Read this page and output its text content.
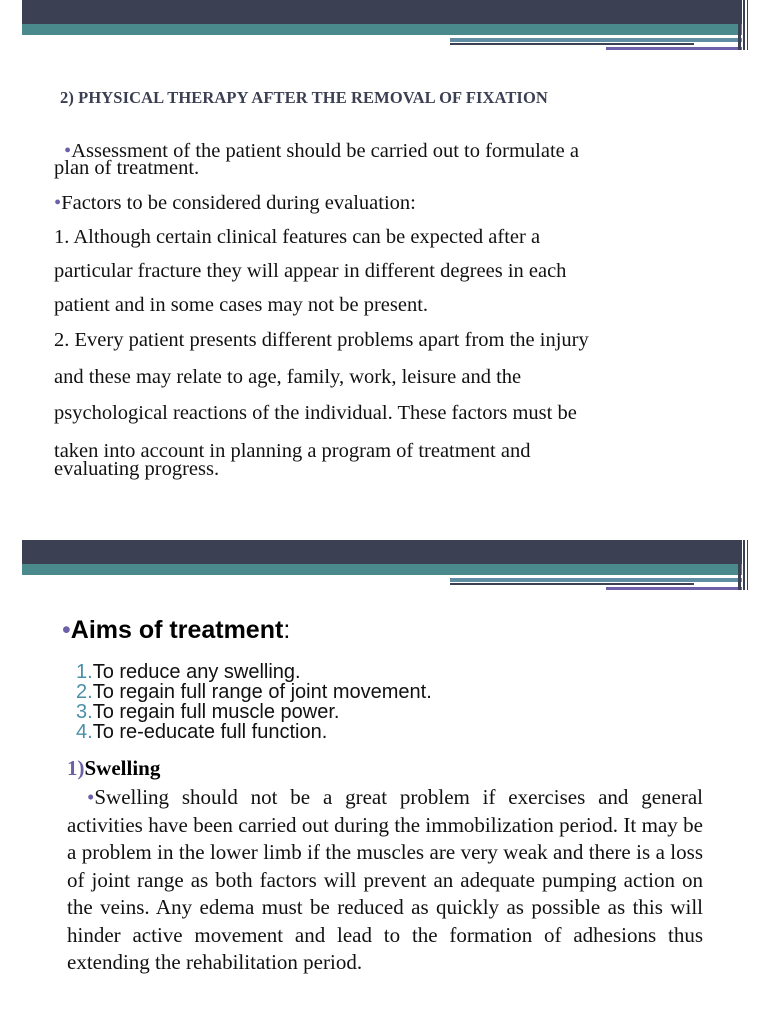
2) PHYSICAL THERAPY AFTER THE REMOVAL OF FIXATION

•Assessment of the patient should be carried out to formulate a

plan of treatment.

•Factors to be considered during evaluation:

1. Although certain clinical features can be expected after a

particular fracture they will appear in different degrees in each

patient and in some cases may not be present.

2. Every patient presents different problems apart from the injury

and these may relate to age, family, work, leisure and the

psychological reactions of the individual. These factors must be

taken into account in planning a program of treatment and

evaluating progress.

•Aims of treatment:
1.To reduce any swelling.
2.To regain full range of joint movement.
3.To regain full muscle power.
4.To re-educate full function.
1)Swelling

•Swelling should not be a great problem if exercises and general activities have been carried out during the immobilization period. It may be a problem in the lower limb if the muscles are very weak and there is a loss of joint range as both factors will prevent an adequate pumping action on the veins. Any edema must be reduced as quickly as possible as this will hinder active movement and lead to the formation of adhesions thus extending the rehabilitation period.
